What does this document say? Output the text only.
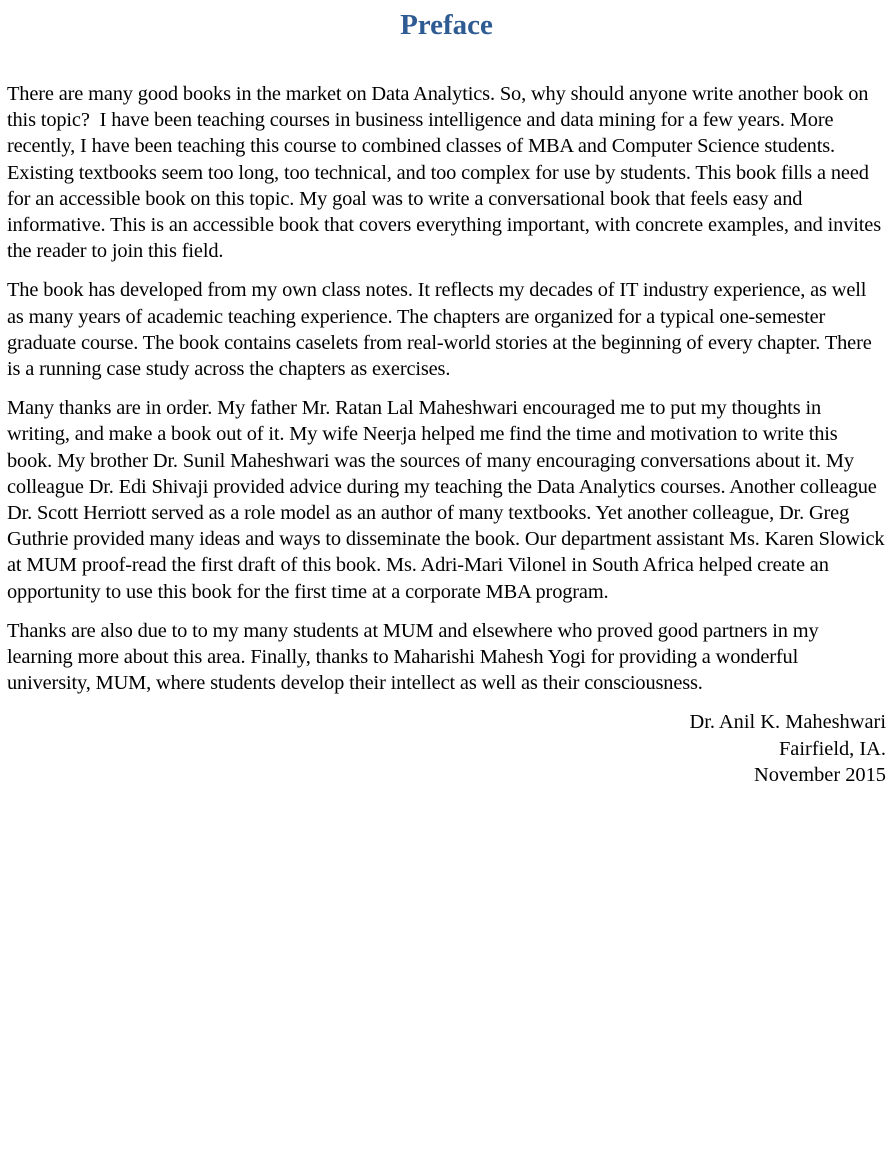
Preface

There are many good books in the market on Data Analytics. So, why should anyone write another book on this topic?  I have been teaching courses in business intelligence and data mining for a few years. More recently, I have been teaching this course to combined classes of MBA and Computer Science students. Existing textbooks seem too long, too technical, and too complex for use by students. This book fills a need for an accessible book on this topic. My goal was to write a conversational book that feels easy and informative. This is an accessible book that covers everything important, with concrete examples, and invites the reader to join this field.

The book has developed from my own class notes. It reflects my decades of IT industry experience, as well as many years of academic teaching experience. The chapters are organized for a typical one-semester graduate course. The book contains caselets from real-world stories at the beginning of every chapter. There is a running case study across the chapters as exercises.

Many thanks are in order. My father Mr. Ratan Lal Maheshwari encouraged me to put my thoughts in writing, and make a book out of it. My wife Neerja helped me find the time and motivation to write this book. My brother Dr. Sunil Maheshwari was the sources of many encouraging conversations about it. My colleague Dr. Edi Shivaji provided advice during my teaching the Data Analytics courses. Another colleague Dr. Scott Herriott served as a role model as an author of many textbooks. Yet another colleague, Dr. Greg Guthrie provided many ideas and ways to disseminate the book. Our department assistant Ms. Karen Slowick at MUM proof-read the first draft of this book. Ms. Adri-Mari Vilonel in South Africa helped create an opportunity to use this book for the first time at a corporate MBA program.

Thanks are also due to to my many students at MUM and elsewhere who proved good partners in my learning more about this area. Finally, thanks to Maharishi Mahesh Yogi for providing a wonderful university, MUM, where students develop their intellect as well as their consciousness.

Dr. Anil K. Maheshwari
Fairfield, IA.
November 2015
